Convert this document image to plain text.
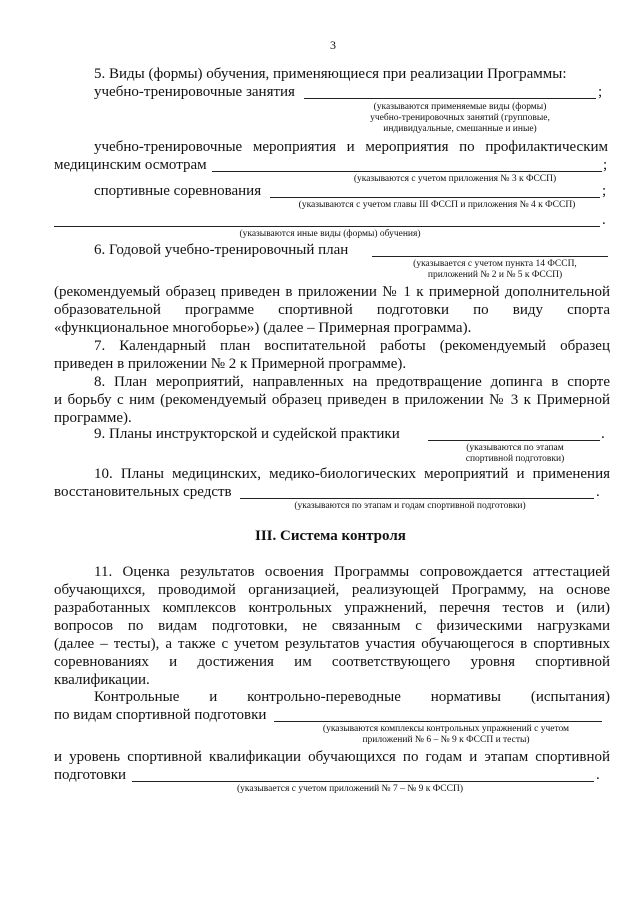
3
5. Виды (формы) обучения, применяющиеся при реализации Программы:
учебно-тренировочные занятия	;
(указываются применяемые виды (формы)
учебно-тренировочных занятий (групповые,
индивидуальные, смешанные и иные)
учебно-тренировочные мероприятия и мероприятия по профилактическим
медицинским осмотрам	;
(указываются с учетом приложения № 3 к ФССП)
спортивные соревнования	;
(указываются с учетом главы III ФССП и приложения № 4 к ФССП)
.
(указываются иные виды (формы) обучения)
6. Годовой учебно-тренировочный план
(указывается с учетом пункта 14 ФССП,
приложений № 2 и № 5 к ФССП)
(рекомендуемый образец приведен в приложении № 1 к примерной дополнительной
образовательной программе спортивной подготовки по виду спорта
«функциональное многоборье») (далее – Примерная программа).
7. Календарный план воспитательной работы (рекомендуемый образец
приведен в приложении № 2 к Примерной программе).
8. План мероприятий, направленных на предотвращение допинга в спорте
и борьбу с ним (рекомендуемый образец приведен в приложении № 3 к Примерной
программе).
9. Планы инструкторской и судейской практики	.
(указываются по этапам
спортивной подготовки)
10. Планы медицинских, медико-биологических мероприятий и применения
восстановительных средств	.
(указываются по этапам и годам спортивной подготовки)
III. Система контроля
11. Оценка результатов освоения Программы сопровождается аттестацией
обучающихся, проводимой организацией, реализующей Программу, на основе
разработанных комплексов контрольных упражнений, перечня тестов и (или)
вопросов по видам подготовки, не связанным с физическими нагрузками
(далее – тесты), а также с учетом результатов участия обучающегося в спортивных
соревнованиях и достижения им соответствующего уровня спортивной
квалификации.
Контрольные и контрольно-переводные нормативы (испытания)
по видам спортивной подготовки
(указываются комплексы контрольных упражнений с учетом
приложений № 6 – № 9 к ФССП и тесты)
и уровень спортивной квалификации обучающихся по годам и этапам спортивной
подготовки	.
(указывается с учетом приложений № 7 – № 9 к ФССП)
